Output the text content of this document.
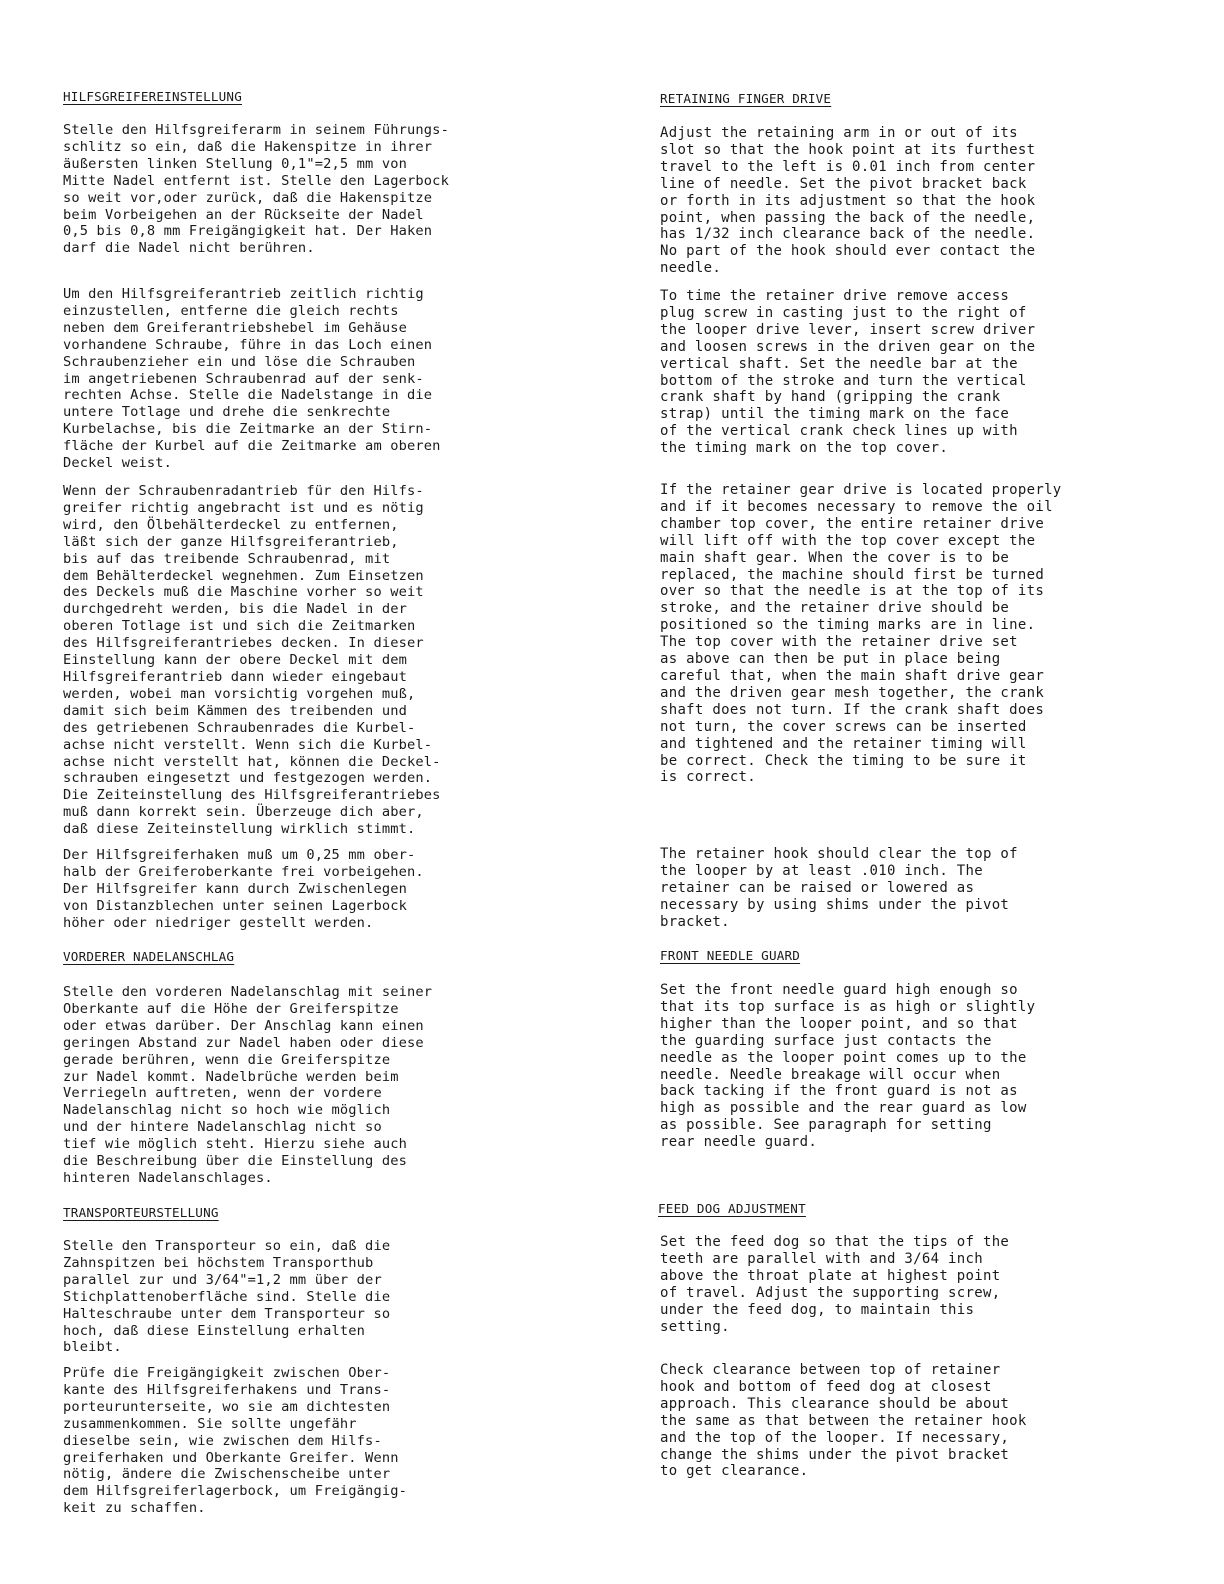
HILFSGREIFEREINSTELLUNG

Stelle den Hilfsgreiferarm in seinem Führungs-
schlitz so ein, daß die Hakenspitze in ihrer
äußersten linken Stellung 0,1"=2,5 mm von
Mitte Nadel entfernt ist. Stelle den Lagerbock
so weit vor,oder zurück, daß die Hakenspitze
beim Vorbeigehen an der Rückseite der Nadel
0,5 bis 0,8 mm Freigängigkeit hat. Der Haken
darf die Nadel nicht berühren.

Um den Hilfsgreiferantrieb zeitlich richtig
einzustellen, entferne die gleich rechts
neben dem Greiferantriebshebel im Gehäuse
vorhandene Schraube, führe in das Loch einen
Schraubenzieher ein und löse die Schrauben
im angetriebenen Schraubenrad auf der senk-
rechten Achse. Stelle die Nadelstange in die
untere Totlage und drehe die senkrechte
Kurbelachse, bis die Zeitmarke an der Stirn-
fläche der Kurbel auf die Zeitmarke am oberen
Deckel weist.

Wenn der Schraubenradantrieb für den Hilfs-
greifer richtig angebracht ist und es nötig
wird, den Ölbehälterdeckel zu entfernen,
läßt sich der ganze Hilfsgreiferantrieb,
bis auf das treibende Schraubenrad, mit
dem Behälterdeckel wegnehmen. Zum Einsetzen
des Deckels muß die Maschine vorher so weit
durchgedreht werden, bis die Nadel in der
oberen Totlage ist und sich die Zeitmarken
des Hilfsgreiferantriebes decken. In dieser
Einstellung kann der obere Deckel mit dem
Hilfsgreiferantrieb dann wieder eingebaut
werden, wobei man vorsichtig vorgehen muß,
damit sich beim Kämmen des treibenden und
des getriebenen Schraubenrades die Kurbel-
achse nicht verstellt. Wenn sich die Kurbel-
achse nicht verstellt hat, können die Deckel-
schrauben eingesetzt und festgezogen werden.
Die Zeiteinstellung des Hilfsgreiferantriebes
muß dann korrekt sein. Überzeuge dich aber,
daß diese Zeiteinstellung wirklich stimmt.

Der Hilfsgreiferhaken muß um 0,25 mm ober-
halb der Greiferoberkante frei vorbeigehen.
Der Hilfsgreifer kann durch Zwischenlegen
von Distanzblechen unter seinen Lagerbock
höher oder niedriger gestellt werden.

VORDERER NADELANSCHLAG

Stelle den vorderen Nadelanschlag mit seiner
Oberkante auf die Höhe der Greiferspitze
oder etwas darüber. Der Anschlag kann einen
geringen Abstand zur Nadel haben oder diese
gerade berühren, wenn die Greiferspitze
zur Nadel kommt. Nadelbrüche werden beim
Verriegeln auftreten, wenn der vordere
Nadelanschlag nicht so hoch wie möglich
und der hintere Nadelanschlag nicht so
tief wie möglich steht. Hierzu siehe auch
die Beschreibung über die Einstellung des
hinteren Nadelanschlages.

TRANSPORTEURSTELLUNG

Stelle den Transporteur so ein, daß die
Zahnspitzen bei höchstem Transporthub
parallel zur und 3/64"=1,2 mm über der
Stichplattenoberfläche sind. Stelle die
Halteschraube unter dem Transporteur so
hoch, daß diese Einstellung erhalten
bleibt.

Prüfe die Freigängigkeit zwischen Ober-
kante des Hilfsgreiferhakens und Trans-
porteurunterseite, wo sie am dichtesten
zusammenkommen. Sie sollte ungefähr
dieselbe sein, wie zwischen dem Hilfs-
greiferhaken und Oberkante Greifer. Wenn
nötig, ändere die Zwischenscheibe unter
dem Hilfsgreiferlagerbock, um Freigängig-
keit zu schaffen.

RETAINING FINGER DRIVE

Adjust the retaining arm in or out of its
slot so that the hook point at its furthest
travel to the left is 0.01 inch from center
line of needle. Set the pivot bracket back
or forth in its adjustment so that the hook
point, when passing the back of the needle,
has 1/32 inch clearance back of the needle.
No part of the hook should ever contact the
needle.

To time the retainer drive remove access
plug screw in casting just to the right of
the looper drive lever, insert screw driver
and loosen screws in the driven gear on the
vertical shaft. Set the needle bar at the
bottom of the stroke and turn the vertical
crank shaft by hand (gripping the crank
strap) until the timing mark on the face
of the vertical crank check lines up with
the timing mark on the top cover.

If the retainer gear drive is located properly
and if it becomes necessary to remove the oil
chamber top cover, the entire retainer drive
will lift off with the top cover except the
main shaft gear. When the cover is to be
replaced, the machine should first be turned
over so that the needle is at the top of its
stroke, and the retainer drive should be
positioned so the timing marks are in line.
The top cover with the retainer drive set
as above can then be put in place being
careful that, when the main shaft drive gear
and the driven gear mesh together, the crank
shaft does not turn. If the crank shaft does
not turn, the cover screws can be inserted
and tightened and the retainer timing will
be correct. Check the timing to be sure it
is correct.

The retainer hook should clear the top of
the looper by at least .010 inch. The
retainer can be raised or lowered as
necessary by using shims under the pivot
bracket.

FRONT NEEDLE GUARD

Set the front needle guard high enough so
that its top surface is as high or slightly
higher than the looper point, and so that
the guarding surface just contacts the
needle as the looper point comes up to the
needle. Needle breakage will occur when
back tacking if the front guard is not as
high as possible and the rear guard as low
as possible. See paragraph for setting
rear needle guard.

FEED DOG ADJUSTMENT

Set the feed dog so that the tips of the
teeth are parallel with and 3/64 inch
above the throat plate at highest point
of travel. Adjust the supporting screw,
under the feed dog, to maintain this
setting.

Check clearance between top of retainer
hook and bottom of feed dog at closest
approach. This clearance should be about
the same as that between the retainer hook
and the top of the looper. If necessary,
change the shims under the pivot bracket
to get clearance.
